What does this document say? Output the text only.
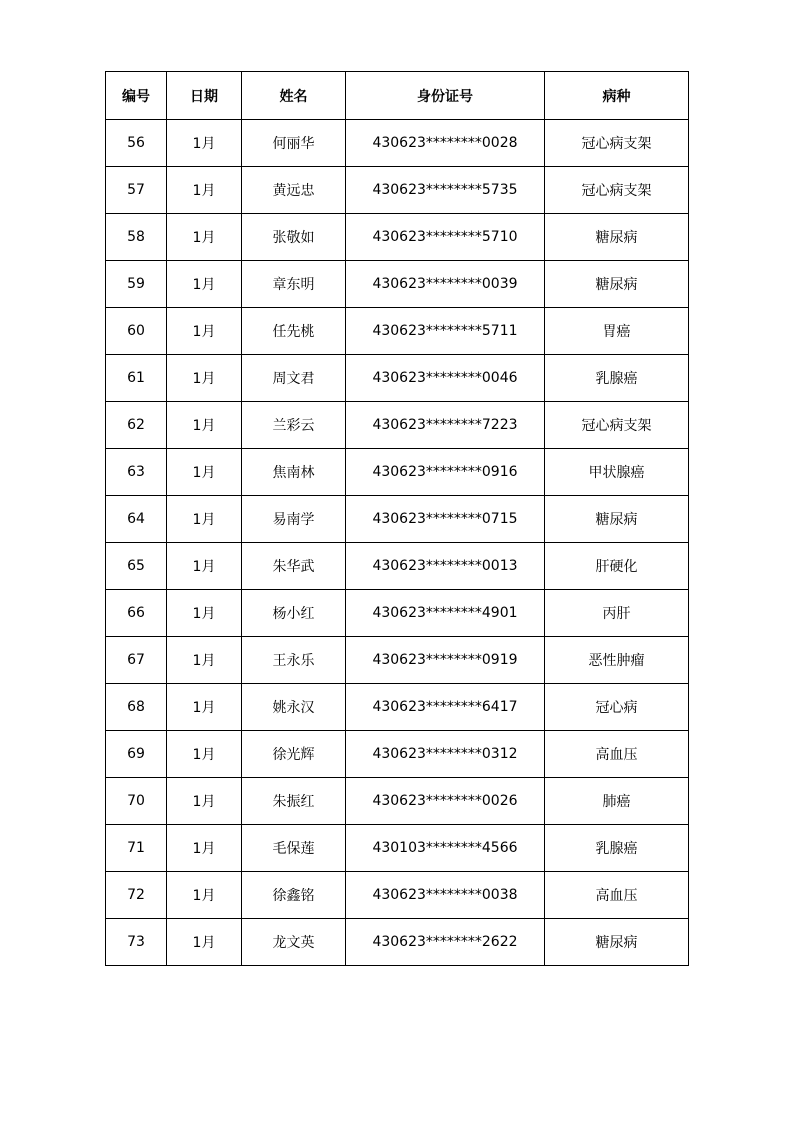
编号	日期	姓名	身份证号	病种
56	1月	何丽华	430623********0028	冠心病支架
57	1月	黄远忠	430623********5735	冠心病支架
58	1月	张敬如	430623********5710	糖尿病
59	1月	章东明	430623********0039	糖尿病
60	1月	任先桃	430623********5711	胃癌
61	1月	周文君	430623********0046	乳腺癌
62	1月	兰彩云	430623********7223	冠心病支架
63	1月	焦南林	430623********0916	甲状腺癌
64	1月	易南学	430623********0715	糖尿病
65	1月	朱华武	430623********0013	肝硬化
66	1月	杨小红	430623********4901	丙肝
67	1月	王永乐	430623********0919	恶性肿瘤
68	1月	姚永汉	430623********6417	冠心病
69	1月	徐光辉	430623********0312	高血压
70	1月	朱振红	430623********0026	肺癌
71	1月	毛保莲	430103********4566	乳腺癌
72	1月	徐鑫铭	430623********0038	高血压
73	1月	龙文英	430623********2622	糖尿病
